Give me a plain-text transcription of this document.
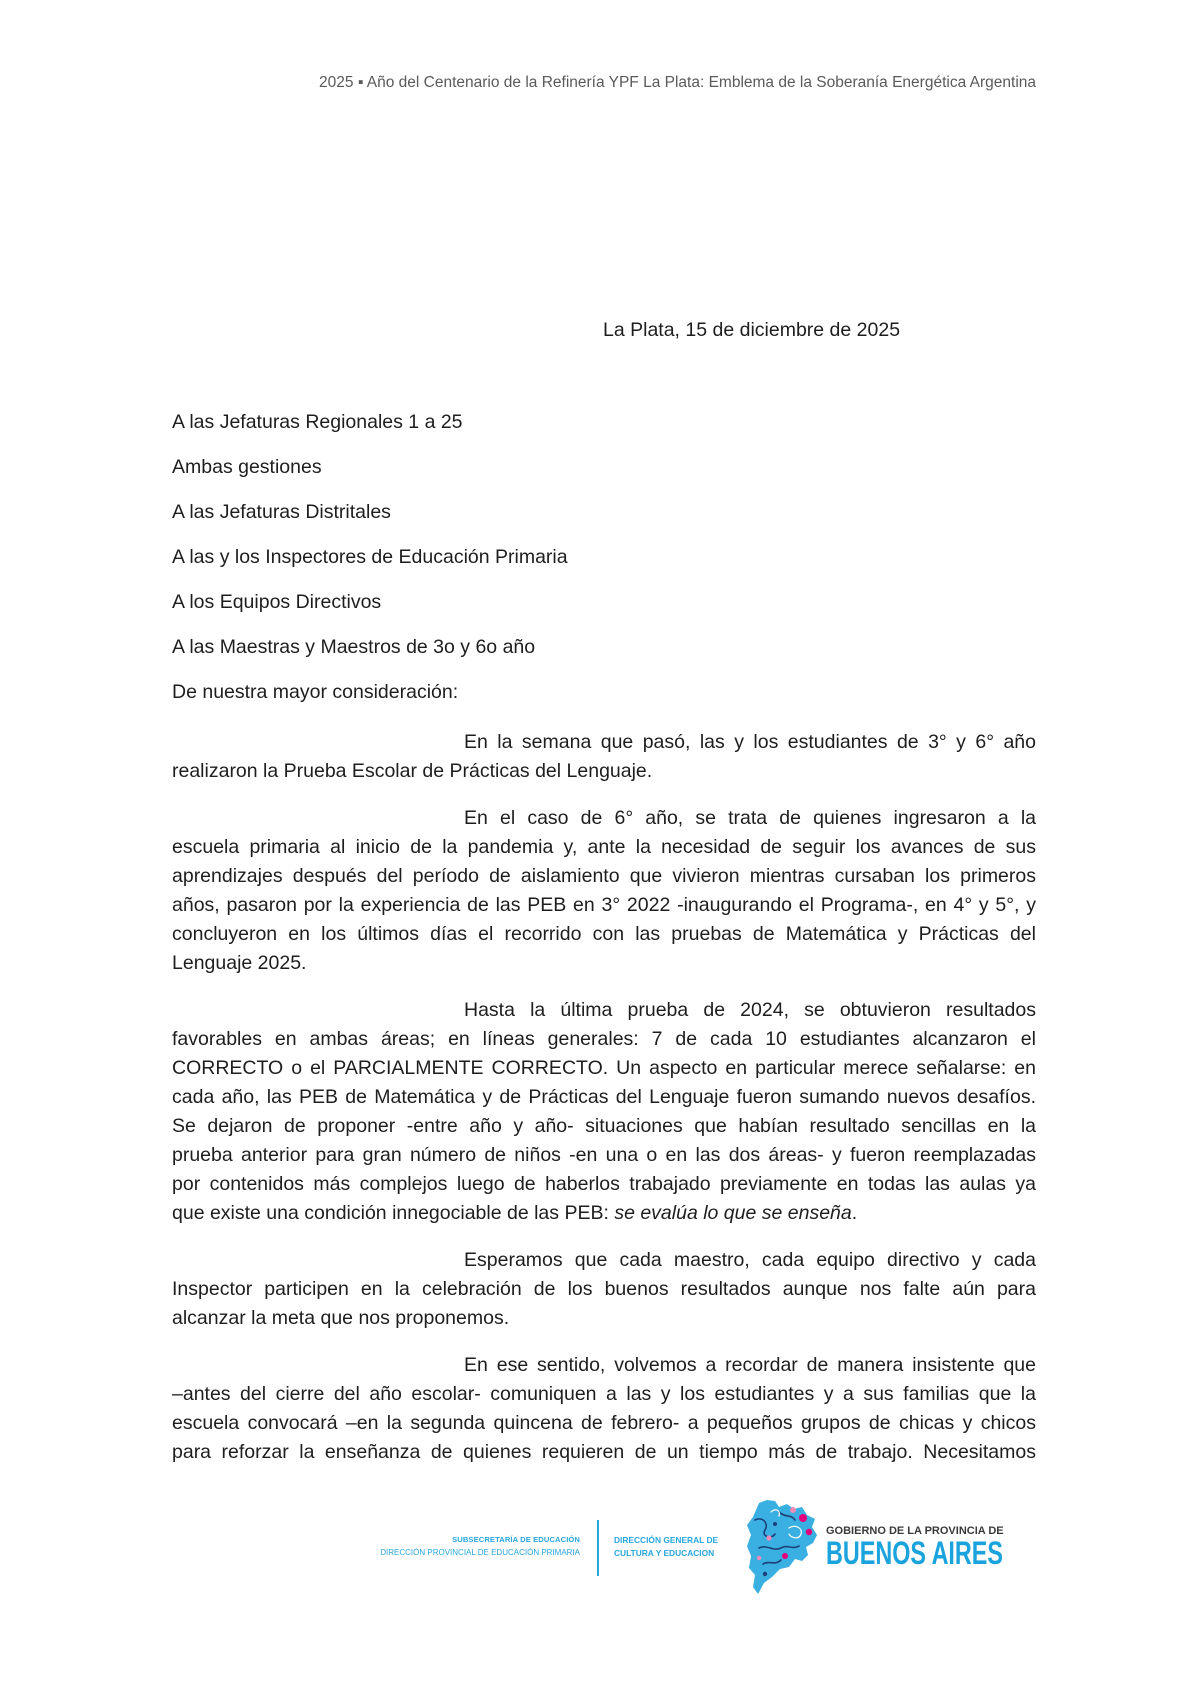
2025 ▪ Año del Centenario de la Refinería YPF La Plata: Emblema de la Soberanía Energética Argentina
La Plata, 15 de diciembre de 2025
A las Jefaturas Regionales 1 a 25
Ambas gestiones
A las Jefaturas Distritales
A las y los Inspectores de Educación Primaria
A los Equipos Directivos
A las Maestras y Maestros de 3o y 6o año
De nuestra mayor consideración:
En la semana que pasó, las y los estudiantes de 3° y 6° año
realizaron la Prueba Escolar de Prácticas del Lenguaje.
En el caso de 6° año, se trata de quienes ingresaron a la
escuela primaria al inicio de la pandemia y, ante la necesidad de seguir los avances de sus
aprendizajes después del período de aislamiento que vivieron mientras cursaban los primeros
años, pasaron por la experiencia de las PEB en 3° 2022 -inaugurando el Programa-, en 4° y 5°, y
concluyeron en los últimos días el recorrido con las pruebas de Matemática y Prácticas del
Lenguaje 2025.
Hasta la última prueba de 2024, se obtuvieron resultados
favorables en ambas áreas; en líneas generales: 7 de cada 10 estudiantes alcanzaron el
CORRECTO o el PARCIALMENTE CORRECTO. Un aspecto en particular merece señalarse: en
cada año, las PEB de Matemática y de Prácticas del Lenguaje fueron sumando nuevos desafíos.
Se dejaron de proponer -entre año y año- situaciones que habían resultado sencillas en la
prueba anterior para gran número de niños -en una o en las dos áreas- y fueron reemplazadas
por contenidos más complejos luego de haberlos trabajado previamente en todas las aulas ya
que existe una condición innegociable de las PEB: se evalúa lo que se enseña.
Esperamos que cada maestro, cada equipo directivo y cada
Inspector participen en la celebración de los buenos resultados aunque nos falte aún para
alcanzar la meta que nos proponemos.
En ese sentido, volvemos a recordar de manera insistente que
–antes del cierre del año escolar- comuniquen a las y los estudiantes y a sus familias que la
escuela convocará –en la segunda quincena de febrero- a pequeños grupos de chicas y chicos
para reforzar la enseñanza de quienes requieren de un tiempo más de trabajo. Necesitamos
SUBSECRETARÍA DE EDUCACIÓN
DIRECCIÓN PROVINCIAL DE EDUCACIÓN PRIMARIA
DIRECCIÓN GENERAL DE
CULTURA Y EDUCACION
GOBIERNO DE LA PROVINCIA DE
BUENOS AIRES
